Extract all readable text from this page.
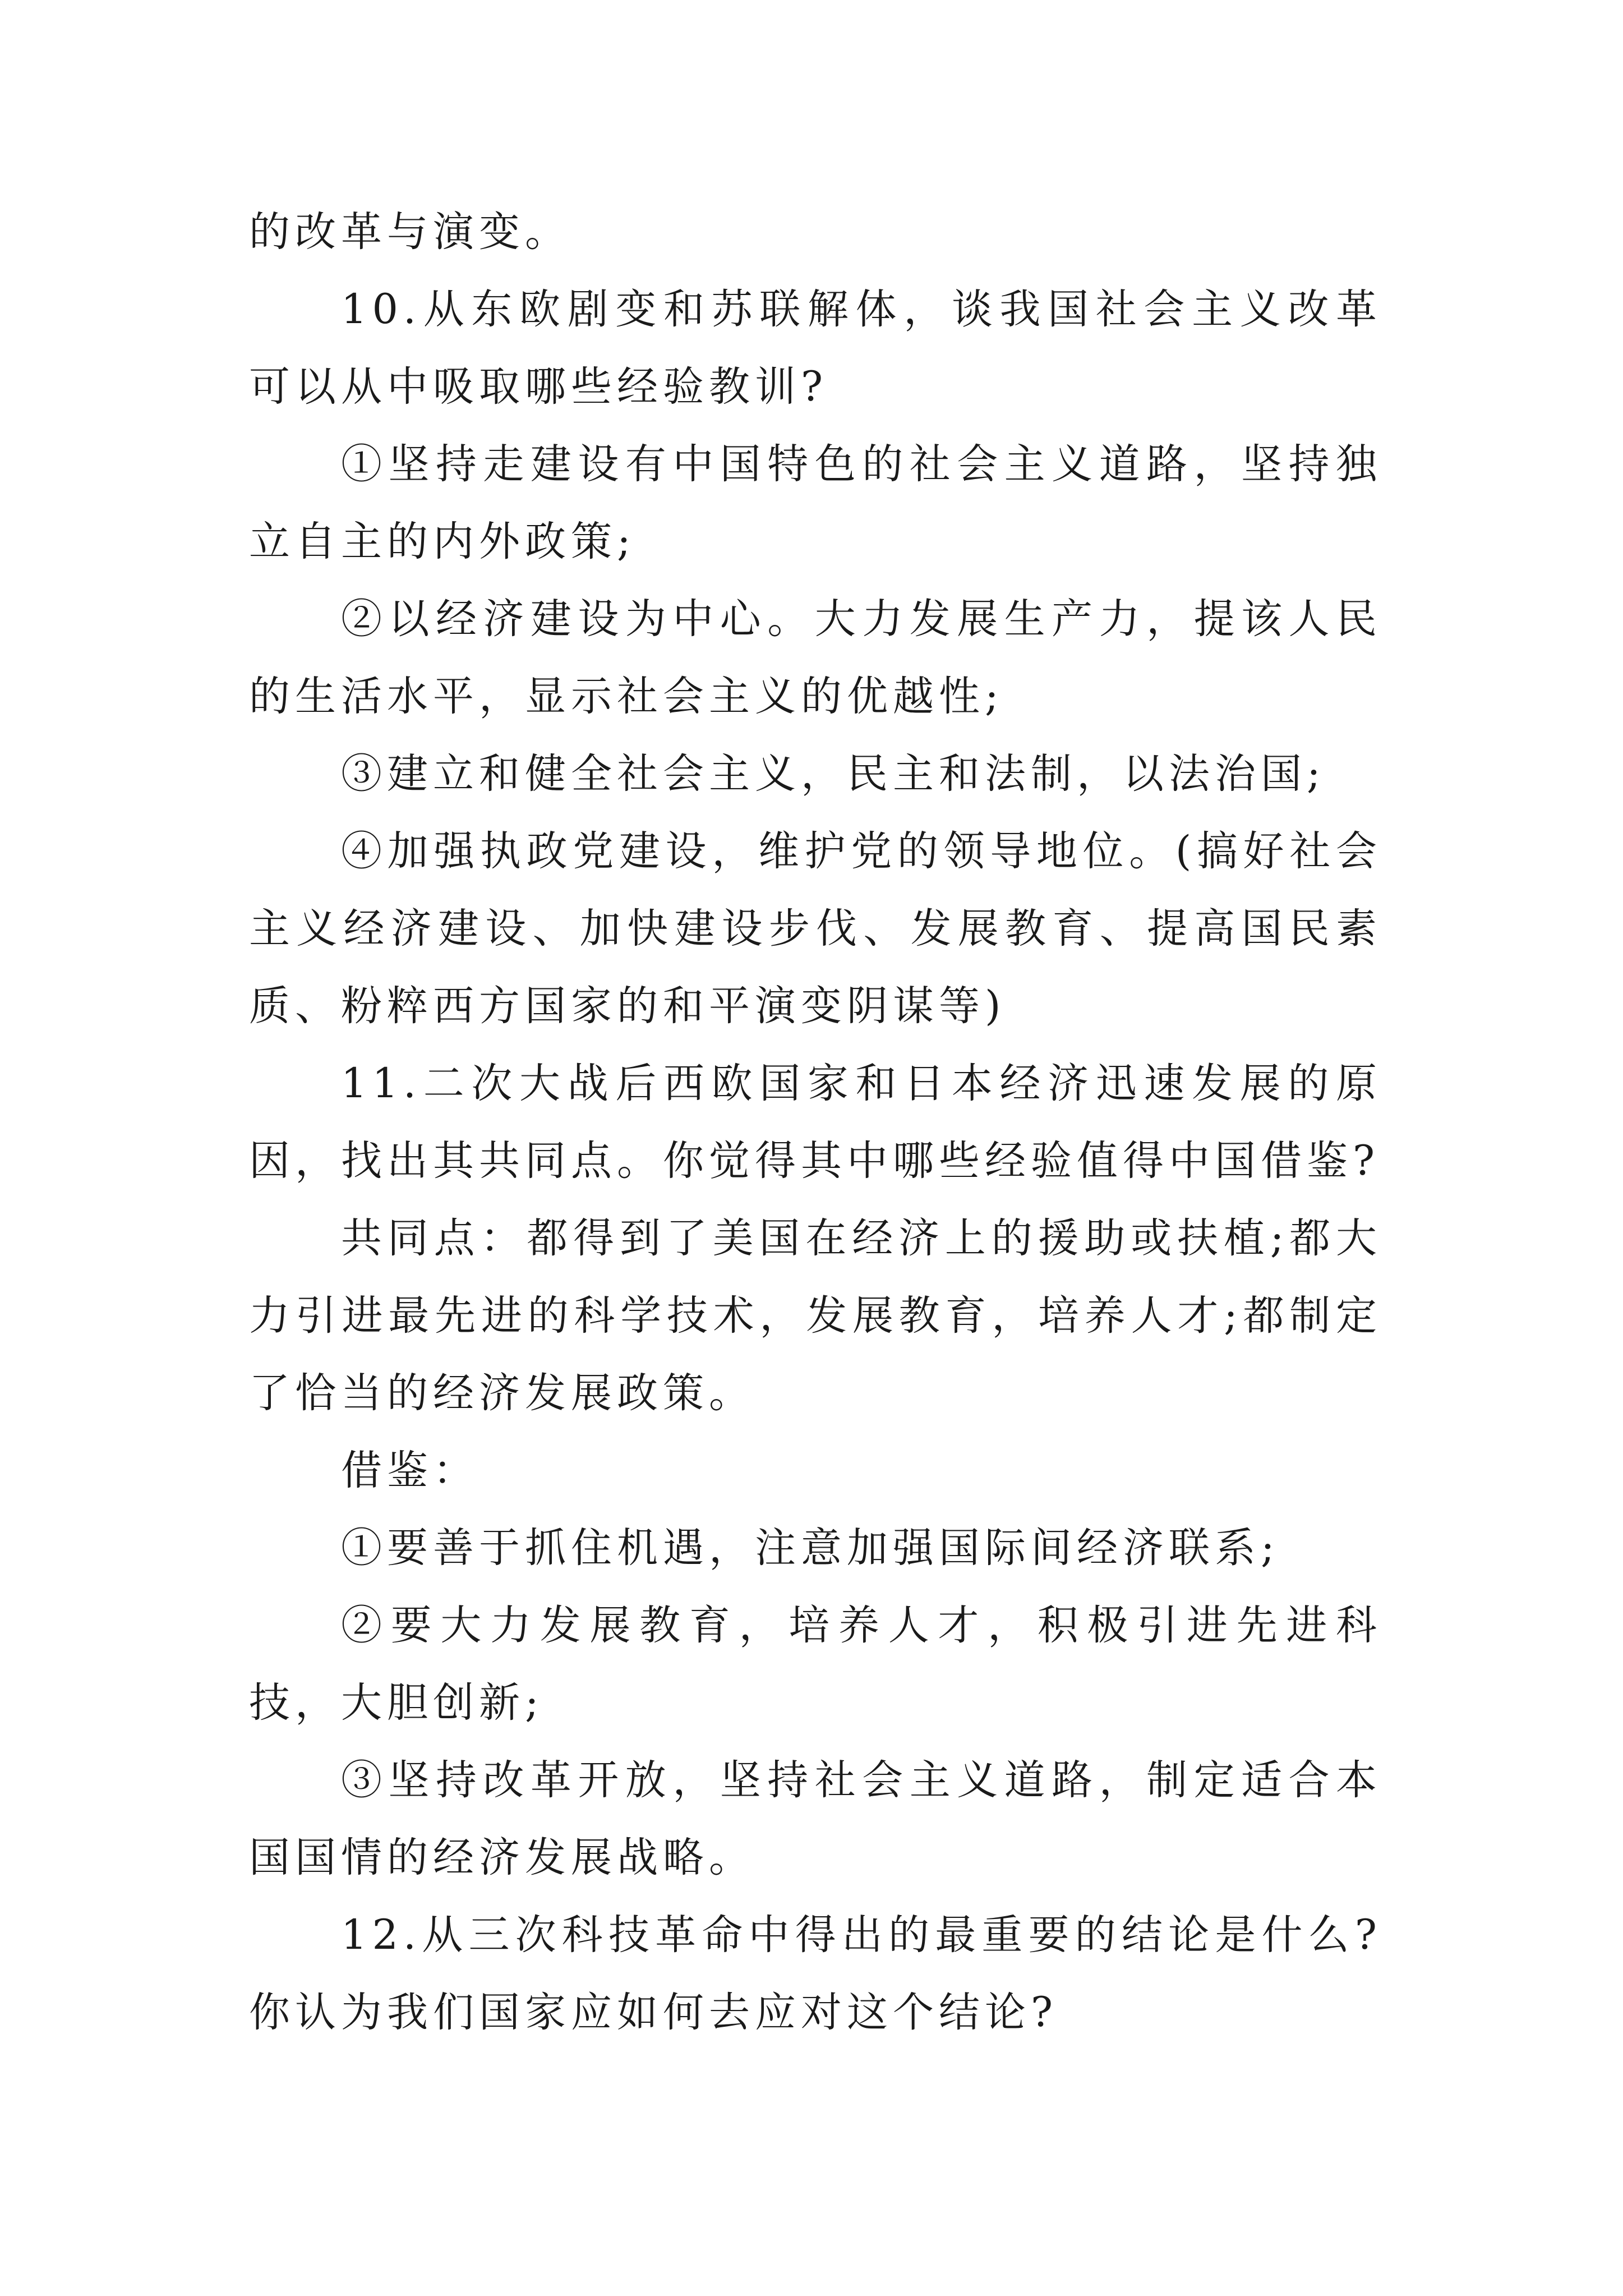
的改革与演变。

10.从东欧剧变和苏联解体，谈我国社会主义改革可以从中吸取哪些经验教训?

①坚持走建设有中国特色的社会主义道路，坚持独立自主的内外政策;

②以经济建设为中心。大力发展生产力，提该人民的生活水平，显示社会主义的优越性;

③建立和健全社会主义，民主和法制，以法治国;

④加强执政党建设，维护党的领导地位。(搞好社会主义经济建设、加快建设步伐、发展教育、提高国民素质、粉粹西方国家的和平演变阴谋等)

11.二次大战后西欧国家和日本经济迅速发展的原因，找出其共同点。你觉得其中哪些经验值得中国借鉴?

共同点：都得到了美国在经济上的援助或扶植;都大力引进最先进的科学技术，发展教育，培养人才;都制定了恰当的经济发展政策。

借鉴：

①要善于抓住机遇，注意加强国际间经济联系;

②要大力发展教育，培养人才，积极引进先进科技，大胆创新;

③坚持改革开放，坚持社会主义道路，制定适合本国国情的经济发展战略。

12.从三次科技革命中得出的最重要的结论是什么?你认为我们国家应如何去应对这个结论?
